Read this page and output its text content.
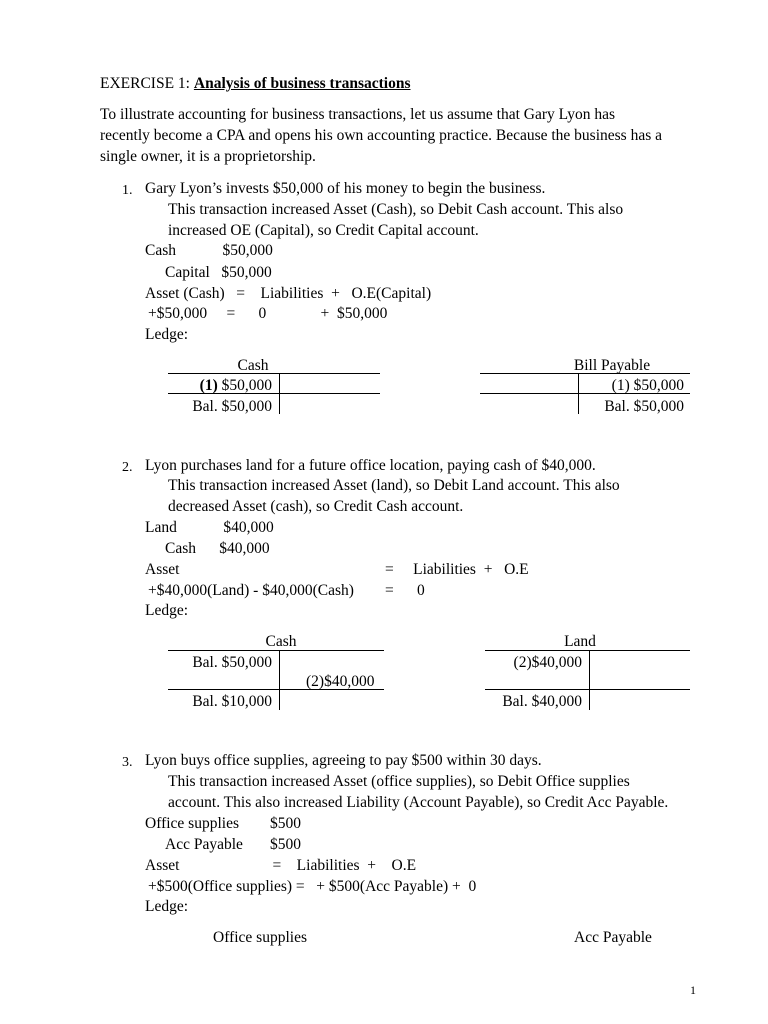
EXERCISE 1: Analysis of business transactions

To illustrate accounting for business transactions, let us assume that Gary Lyon has

recently become a CPA and opens his own accounting practice. Because the business has a

single owner, it is a proprietorship.

1. Gary Lyon’s invests $50,000 of his money to begin the business.
This transaction increased Asset (Cash), so Debit Cash account. This also
increased OE (Capital), so Credit Capital account.
Cash            $50,000
Capital   $50,000
Asset (Cash)   =    Liabilities  +   O.E(Capital)
+$50,000     =      0              +  $50,000
Ledge:
Cash
(1) $50,000
Bal. $50,000
Bill Payable
(1) $50,000
Bal. $50,000
2. Lyon purchases land for a future office location, paying cash of $40,000.
This transaction increased Asset (land), so Debit Land account. This also
decreased Asset (cash), so Credit Cash account.
Land            $40,000
Cash      $40,000
Asset	=     Liabilities  +   O.E
+$40,000(Land) - $40,000(Cash) =      0
Ledge:
Cash
Bal. $50,000
(2)$40,000
Bal. $10,000
Land
(2)$40,000
Bal. $40,000
3. Lyon buys office supplies, agreeing to pay $500 within 30 days.
This transaction increased Asset (office supplies), so Debit Office supplies
account. This also increased Liability (Account Payable), so Credit Acc Payable.
Office supplies        $500
Acc Payable       $500
Asset                        =    Liabilities  +    O.E
+$500(Office supplies) =   + $500(Acc Payable) +  0
Ledge:
Office supplies	Acc Payable
1
